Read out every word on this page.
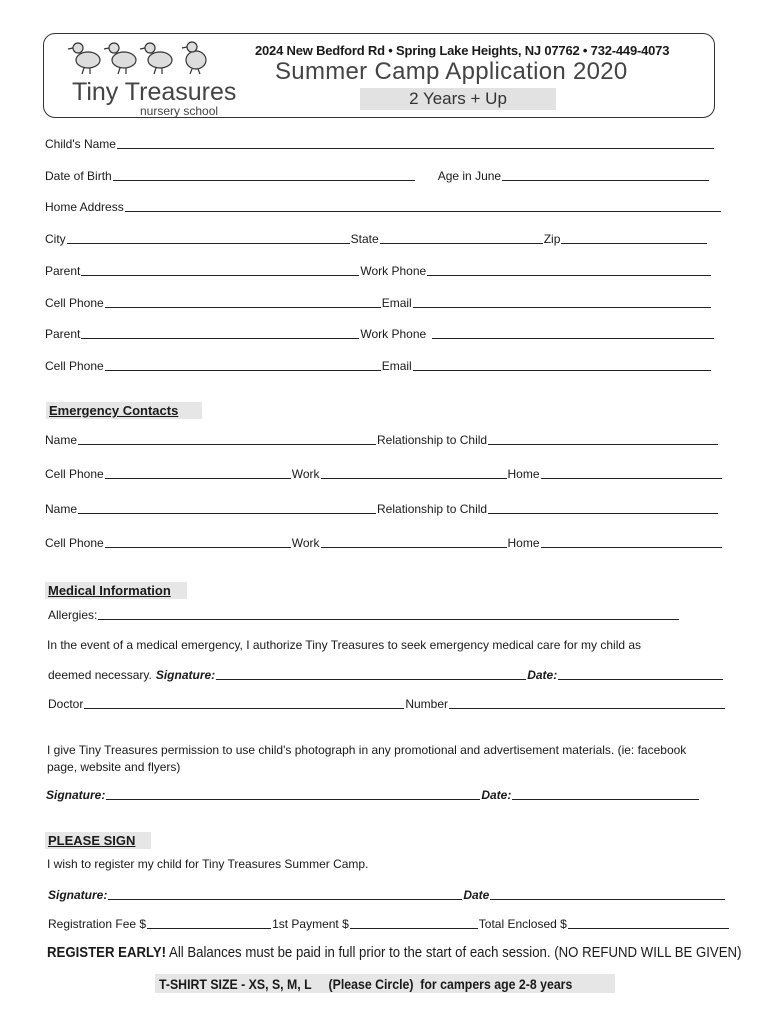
Tiny Treasures
nursery school
2024 New Bedford Rd • Spring Lake Heights, NJ 07762 • 732-449-4073
Summer Camp Application 2020
2 Years + Up
Child's Name
Date of Birth	Age in June
Home Address
City	State	Zip
Parent	Work Phone
Cell Phone	Email
Parent	Work Phone
Cell Phone	Email
Emergency Contacts
Name	Relationship to Child
Cell Phone	Work	Home
Name	Relationship to Child
Cell Phone	Work	Home
Medical Information
Allergies:
In the event of a medical emergency, I authorize Tiny Treasures to seek emergency medical care for my child as
deemed necessary. Signature:	Date:
Doctor	Number
I give Tiny Treasures permission to use child's photograph in any promotional and advertisement materials. (ie: facebook page, website and flyers)
Signature:	Date:
PLEASE SIGN
I wish to register my child for Tiny Treasures Summer Camp.
Signature:	Date
Registration Fee $	1st Payment $	Total Enclosed $
REGISTER EARLY! All Balances must be paid in full prior to the start of each session. (NO REFUND WILL BE GIVEN)
T-SHIRT SIZE - XS, S, M, L     (Please Circle)  for campers age 2-8 years
